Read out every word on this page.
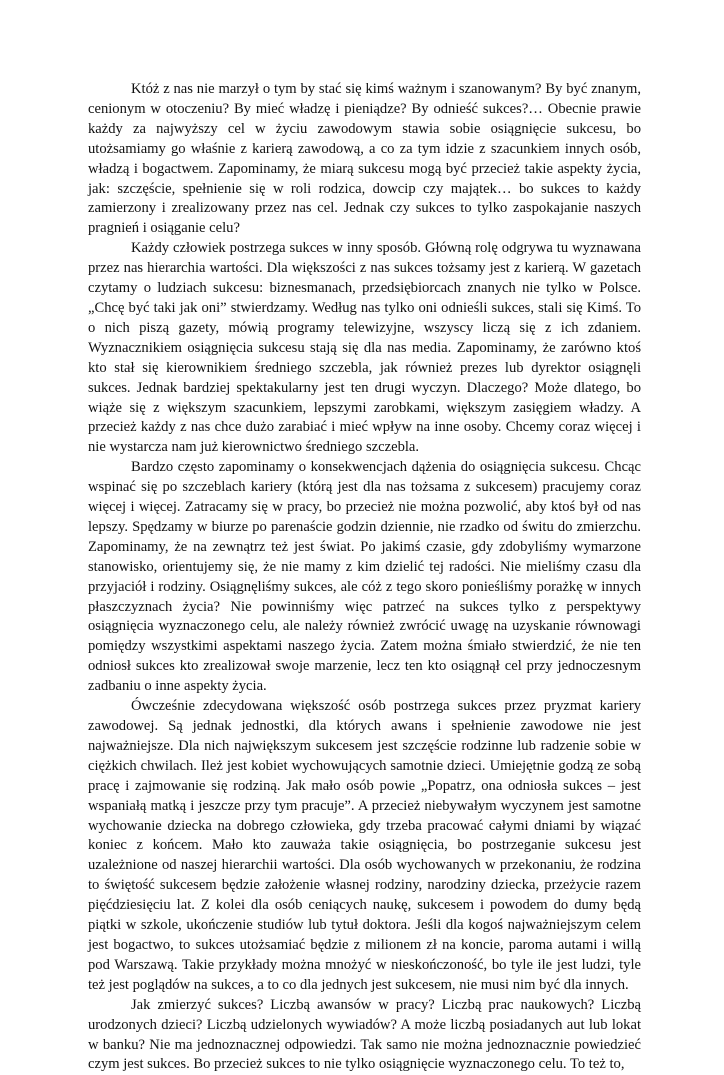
Któż z nas nie marzył o tym by stać się kimś ważnym i szanowanym? By być znanym, cenionym w otoczeniu? By mieć władzę i pieniądze? By odnieść sukces?… Obecnie prawie każdy za najwyższy cel w życiu zawodowym stawia sobie osiągnięcie sukcesu, bo utożsamiamy go właśnie z karierą zawodową, a co za tym idzie z szacunkiem innych osób, władzą i bogactwem. Zapominamy, że miarą sukcesu mogą być przecież takie aspekty życia, jak: szczęście, spełnienie się w roli rodzica, dowcip czy majątek… bo sukces to każdy zamierzony i zrealizowany przez nas cel. Jednak czy sukces to tylko zaspokajanie naszych pragnień i osiąganie celu?

Każdy człowiek postrzega sukces w inny sposób. Główną rolę odgrywa tu wyznawana przez nas hierarchia wartości. Dla większości z nas sukces tożsamy jest z karierą. W gazetach czytamy o ludziach sukcesu: biznesmanach, przedsiębiorcach znanych nie tylko w Polsce. „Chcę być taki jak oni” stwierdzamy. Według nas tylko oni odnieśli sukces, stali się Kimś. To o nich piszą gazety, mówią programy telewizyjne, wszyscy liczą się z ich zdaniem. Wyznacznikiem osiągnięcia sukcesu stają się dla nas media. Zapominamy, że zarówno ktoś kto stał się kierownikiem średniego szczebla, jak również prezes lub dyrektor osiągnęli sukces. Jednak bardziej spektakularny jest ten drugi wyczyn. Dlaczego? Może dlatego, bo wiąże się z większym szacunkiem, lepszymi zarobkami, większym zasięgiem władzy. A przecież każdy z nas chce dużo zarabiać i mieć wpływ na inne osoby. Chcemy coraz więcej i nie wystarcza nam już kierownictwo średniego szczebla.

Bardzo często zapominamy o konsekwencjach dążenia do osiągnięcia sukcesu. Chcąc wspinać się po szczeblach kariery (którą jest dla nas tożsama z sukcesem) pracujemy coraz więcej i więcej. Zatracamy się w pracy, bo przecież nie można pozwolić, aby ktoś był od nas lepszy. Spędzamy w biurze po parenaście godzin dziennie, nie rzadko od świtu do zmierzchu. Zapominamy, że na zewnątrz też jest świat. Po jakimś czasie, gdy zdobyliśmy wymarzone stanowisko, orientujemy się, że nie mamy z kim dzielić tej radości. Nie mieliśmy czasu dla przyjaciół i rodziny. Osiągnęliśmy sukces, ale cóż z tego skoro ponieśliśmy porażkę w innych płaszczyznach życia? Nie powinniśmy więc patrzeć na sukces tylko z perspektywy osiągnięcia wyznaczonego celu, ale należy również zwrócić uwagę na uzyskanie równowagi pomiędzy wszystkimi aspektami naszego życia. Zatem można śmiało stwierdzić, że nie ten odniosł sukces kto zrealizował swoje marzenie, lecz ten kto osiągnął cel przy jednoczesnym zadbaniu o inne aspekty życia.

Ówcześnie zdecydowana większość osób postrzega sukces przez pryzmat kariery zawodowej. Są jednak jednostki, dla których awans i spełnienie zawodowe nie jest najważniejsze. Dla nich największym sukcesem jest szczęście rodzinne lub radzenie sobie w ciężkich chwilach. Ileż jest kobiet wychowujących samotnie dzieci. Umiejętnie godzą ze sobą pracę i zajmowanie się rodziną. Jak mało osób powie „Popatrz, ona odniosła sukces – jest wspaniałą matką i jeszcze przy tym pracuje”. A przecież niebywałym wyczynem jest samotne wychowanie dziecka na dobrego człowieka, gdy trzeba pracować całymi dniami by wiązać koniec z końcem. Mało kto zauważa takie osiągnięcia, bo postrzeganie sukcesu jest uzależnione od naszej hierarchii wartości. Dla osób wychowanych w przekonaniu, że rodzina to świętość sukcesem będzie założenie własnej rodziny, narodziny dziecka, przeżycie razem pięćdziesięciu lat. Z kolei dla osób ceniących naukę, sukcesem i powodem do dumy będą piątki w szkole, ukończenie studiów lub tytuł doktora. Jeśli dla kogoś najważniejszym celem jest bogactwo, to sukces utożsamiać będzie z milionem zł na koncie, paroma autami i willą pod Warszawą. Takie przykłady można mnożyć w nieskończoność, bo tyle ile jest ludzi, tyle też jest poglądów na sukces, a to co dla jednych jest sukcesem, nie musi nim być dla innych.

Jak zmierzyć sukces? Liczbą awansów w pracy? Liczbą prac naukowych? Liczbą urodzonych dzieci? Liczbą udzielonych wywiadów? A może liczbą posiadanych aut lub lokat w banku? Nie ma jednoznacznej odpowiedzi. Tak samo nie można jednoznacznie powiedzieć czym jest sukces. Bo przecież sukces to nie tylko osiągnięcie wyznaczonego celu. To też to,
